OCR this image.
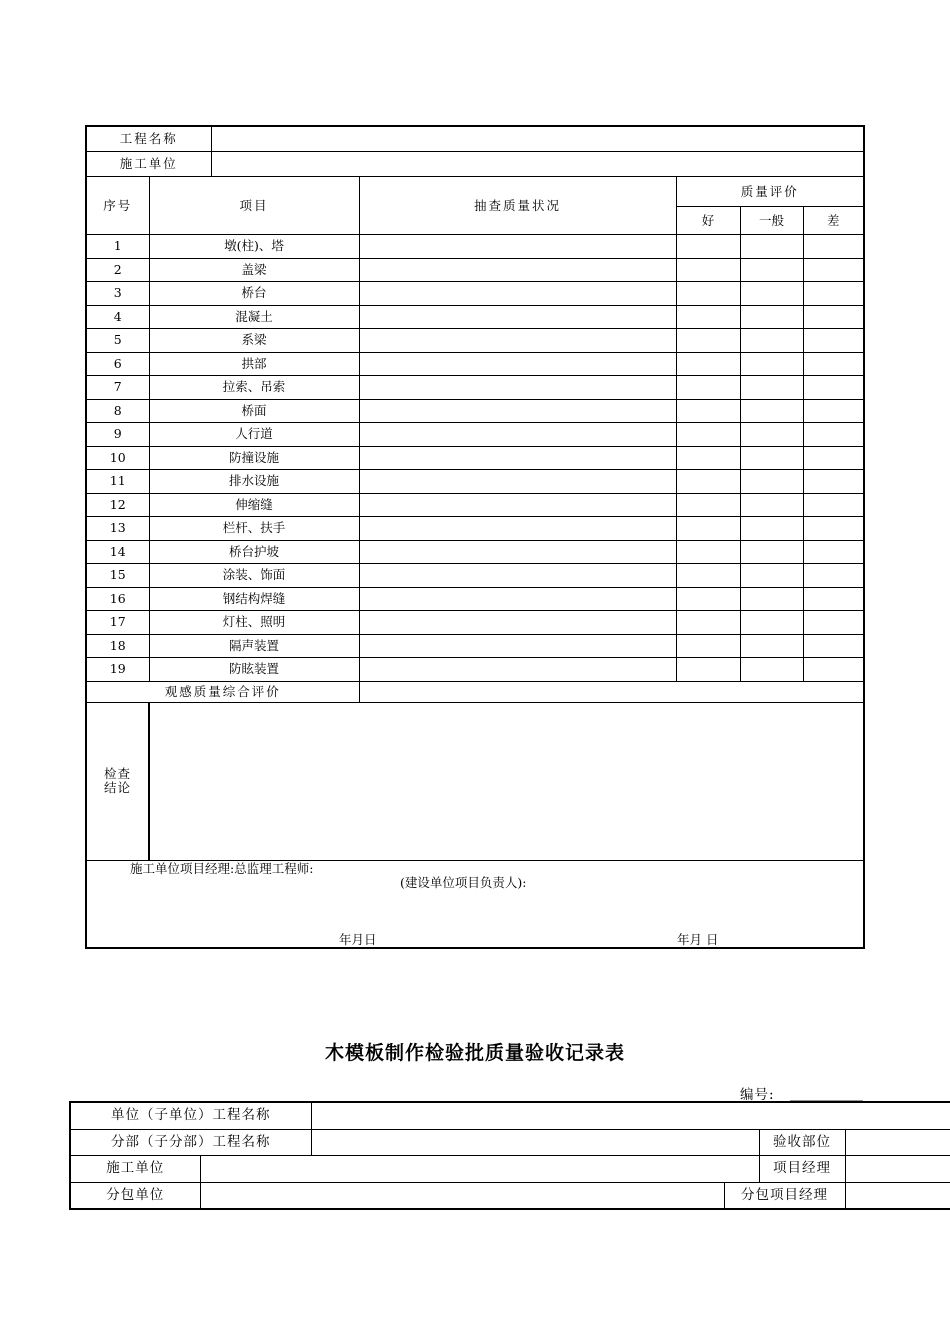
工程名称						
施工单位						
序号	项目		抽查质量状况	质量评价		
				好	一般	差
1	墩(柱)、塔					
2	盖梁					
3	桥台					
4	混凝土					
5	系梁					
6	拱部					
7	拉索、吊索					
8	桥面					
9	人行道					
10	防撞设施					
11	排水设施					
12	伸缩缝					
13	栏杆、扶手					
14	桥台护坡					
15	涂装、饰面					
16	钢结构焊缝					
17	灯柱、照明					
18	隔声装置					
19	防眩装置					
观感质量综合评价						

检查
结论						

施工单位项目经理:总监理工程师:
(建设单位项目负责人):
年月日 年月 日						
木模板制作检验批质量验收记录表
编号:
单位（子单位）工程名称					
分部（子分部）工程名称				验收部位	
施工单位				项目经理	
分包单位			分包项目经理		
